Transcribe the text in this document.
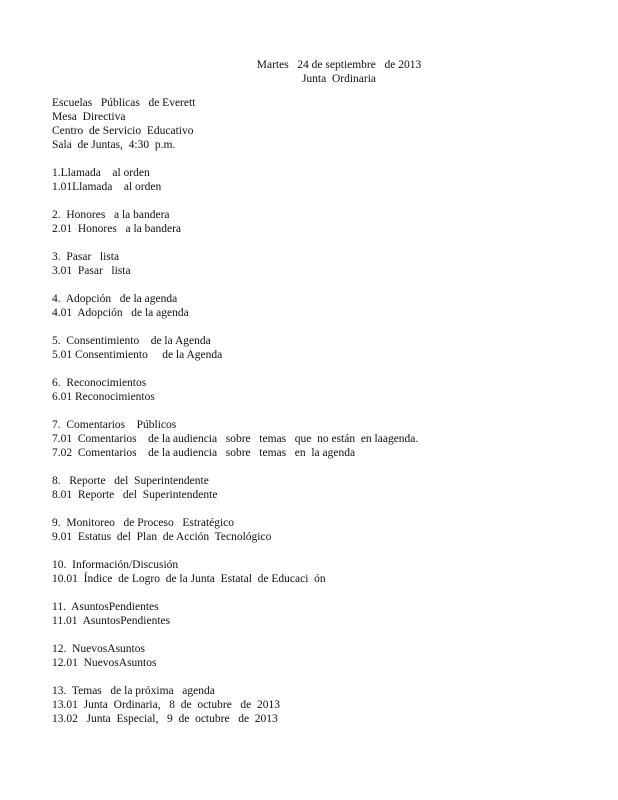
Martes   24 de septiembre   de 2013
Junta  Ordinaria
Escuelas   Públicas   de Everett
Mesa  Directiva
Centro  de Servicio  Educativo
Sala  de Juntas,  4:30  p.m.
1.Llamada    al orden
1.01Llamada    al orden
2.  Honores   a la bandera
2.01  Honores   a la bandera
3.  Pasar   lista
3.01  Pasar   lista
4.  Adopción   de la agenda
4.01  Adopción   de la agenda
5.  Consentimiento    de la Agenda
5.01 Consentimiento     de la Agenda
6.  Reconocimientos
6.01 Reconocimientos
7.  Comentarios    Públicos
7.01  Comentarios    de la audiencia   sobre   temas   que  no están  en laagenda.
7.02  Comentarios    de la audiencia   sobre   temas   en  la agenda
8.   Reporte   del  Superintendente
8.01  Reporte   del  Superintendente
9.  Monitoreo   de Proceso   Estratégico
9.01  Estatus  del  Plan  de Acción  Tecnológico
10.  Información/Discusión
10.01  Índice  de Logro  de la Junta  Estatal  de Educaci  ón
11.  AsuntosPendientes
11.01  AsuntosPendientes
12.  NuevosAsuntos
12.01  NuevosAsuntos
13.  Temas   de la próxima   agenda
13.01  Junta  Ordinaria,   8  de  octubre   de  2013
13.02   Junta  Especial,   9  de  octubre   de  2013
